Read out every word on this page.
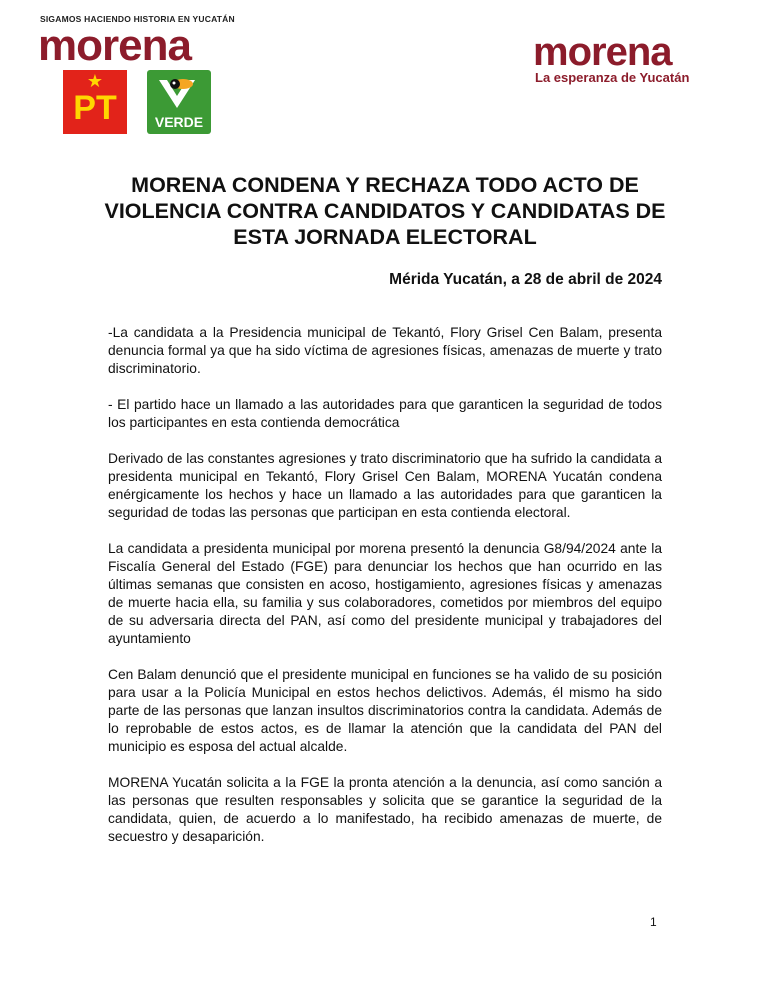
SIGAMOS HACIENDO HISTORIA EN YUCATÁN
morena
★
PT	VERDE
morena
La esperanza de Yucatán
MORENA CONDENA Y RECHAZA TODO ACTO DE VIOLENCIA CONTRA CANDIDATOS Y CANDIDATAS DE ESTA JORNADA ELECTORAL
Mérida Yucatán, a 28 de abril de 2024

-La candidata a la Presidencia municipal de Tekantó, Flory Grisel Cen Balam, presenta denuncia formal ya que ha sido víctima de agresiones físicas, amenazas de muerte y trato discriminatorio.

- El partido hace un llamado a las autoridades para que garanticen la seguridad de todos los participantes en esta contienda democrática

Derivado de las constantes agresiones y trato discriminatorio que ha sufrido la candidata a presidenta municipal en Tekantó, Flory Grisel Cen Balam, MORENA Yucatán condena enérgicamente los hechos y hace un llamado a las autoridades para que garanticen la seguridad de todas las personas que participan en esta contienda electoral.

La candidata a presidenta municipal por morena presentó la denuncia G8/94/2024 ante la Fiscalía General del Estado (FGE) para denunciar los hechos que han ocurrido en las últimas semanas que consisten en acoso, hostigamiento, agresiones físicas y amenazas de muerte hacia ella, su familia y sus colaboradores, cometidos por miembros del equipo de su adversaria directa del PAN, así como del presidente municipal y trabajadores del ayuntamiento

Cen Balam denunció que el presidente municipal en funciones se ha valido de su posición para usar a la Policía Municipal en estos hechos delictivos. Además, él mismo ha sido parte de las personas que lanzan insultos discriminatorios contra la candidata. Además de lo reprobable de estos actos, es de llamar la atención que la candidata del PAN del municipio es esposa del actual alcalde.

MORENA Yucatán solicita a la FGE la pronta atención a la denuncia, así como sanción a las personas que resulten responsables y solicita que se garantice la seguridad de la candidata, quien, de acuerdo a lo manifestado, ha recibido amenazas de muerte, de secuestro y desaparición.

1
